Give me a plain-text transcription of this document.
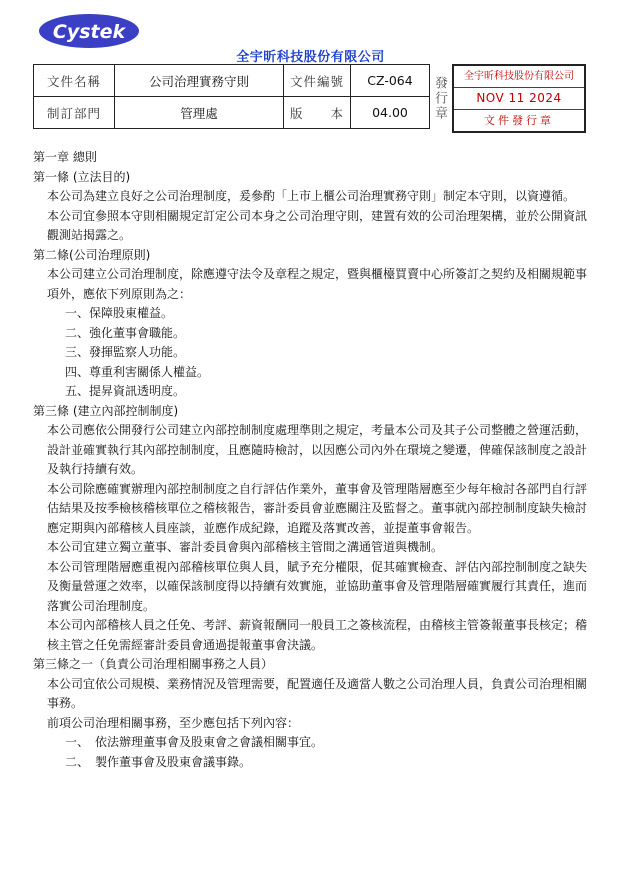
Cystek
全宇昕科技股份有限公司
文件名稱	公司治理實務守則	文件編號	CZ-064
制訂部門	管理處	版　　本	04.00	發行章	全宇昕科技股份有限公司
NOV 11 2024
文件發行章

第一章 總則

第一條 (立法目的)

本公司為建立良好之公司治理制度，爰參酌「上市上櫃公司治理實務守則」制定本守則，以資遵循。

本公司宜參照本守則相關規定訂定公司本身之公司治理守則，建置有效的公司治理架構，並於公開資訊觀測站揭露之。

第二條(公司治理原則)

本公司建立公司治理制度，除應遵守法令及章程之規定，暨與櫃檯買賣中心所簽訂之契約及相關規範事項外，應依下列原則為之：

一、保障股東權益。

二、強化董事會職能。

三、發揮監察人功能。

四、尊重利害關係人權益。

五、提昇資訊透明度。

第三條 (建立內部控制制度)

本公司應依公開發行公司建立內部控制制度處理準則之規定，考量本公司及其子公司整體之營運活動，設計並確實執行其內部控制制度，且應隨時檢討，以因應公司內外在環境之變遷，俾確保該制度之設計及執行持續有效。

本公司除應確實辦理內部控制制度之自行評估作業外，董事會及管理階層應至少每年檢討各部門自行評估結果及按季檢核稽核單位之稽核報告，審計委員會並應關注及監督之。董事就內部控制制度缺失檢討應定期與內部稽核人員座談，並應作成紀錄，追蹤及落實改善，並提董事會報告。

本公司宜建立獨立董事、審計委員會與內部稽核主管間之溝通管道與機制。

本公司管理階層應重視內部稽核單位與人員，賦予充分權限，促其確實檢查、評估內部控制制度之缺失及衡量營運之效率，以確保該制度得以持續有效實施，並協助董事會及管理階層確實履行其責任，進而落實公司治理制度。

本公司內部稽核人員之任免、考評、薪資報酬同一般員工之簽核流程，由稽核主管簽報董事長核定；稽核主管之任免需經審計委員會通過提報董事會決議。

第三條之一（負責公司治理相關事務之人員）

本公司宜依公司規模、業務情況及管理需要，配置適任及適當人數之公司治理人員，負責公司治理相關事務。

前項公司治理相關事務，至少應包括下列內容：

一、　依法辦理董事會及股東會之會議相關事宜。

二、　製作董事會及股東會議事錄。
